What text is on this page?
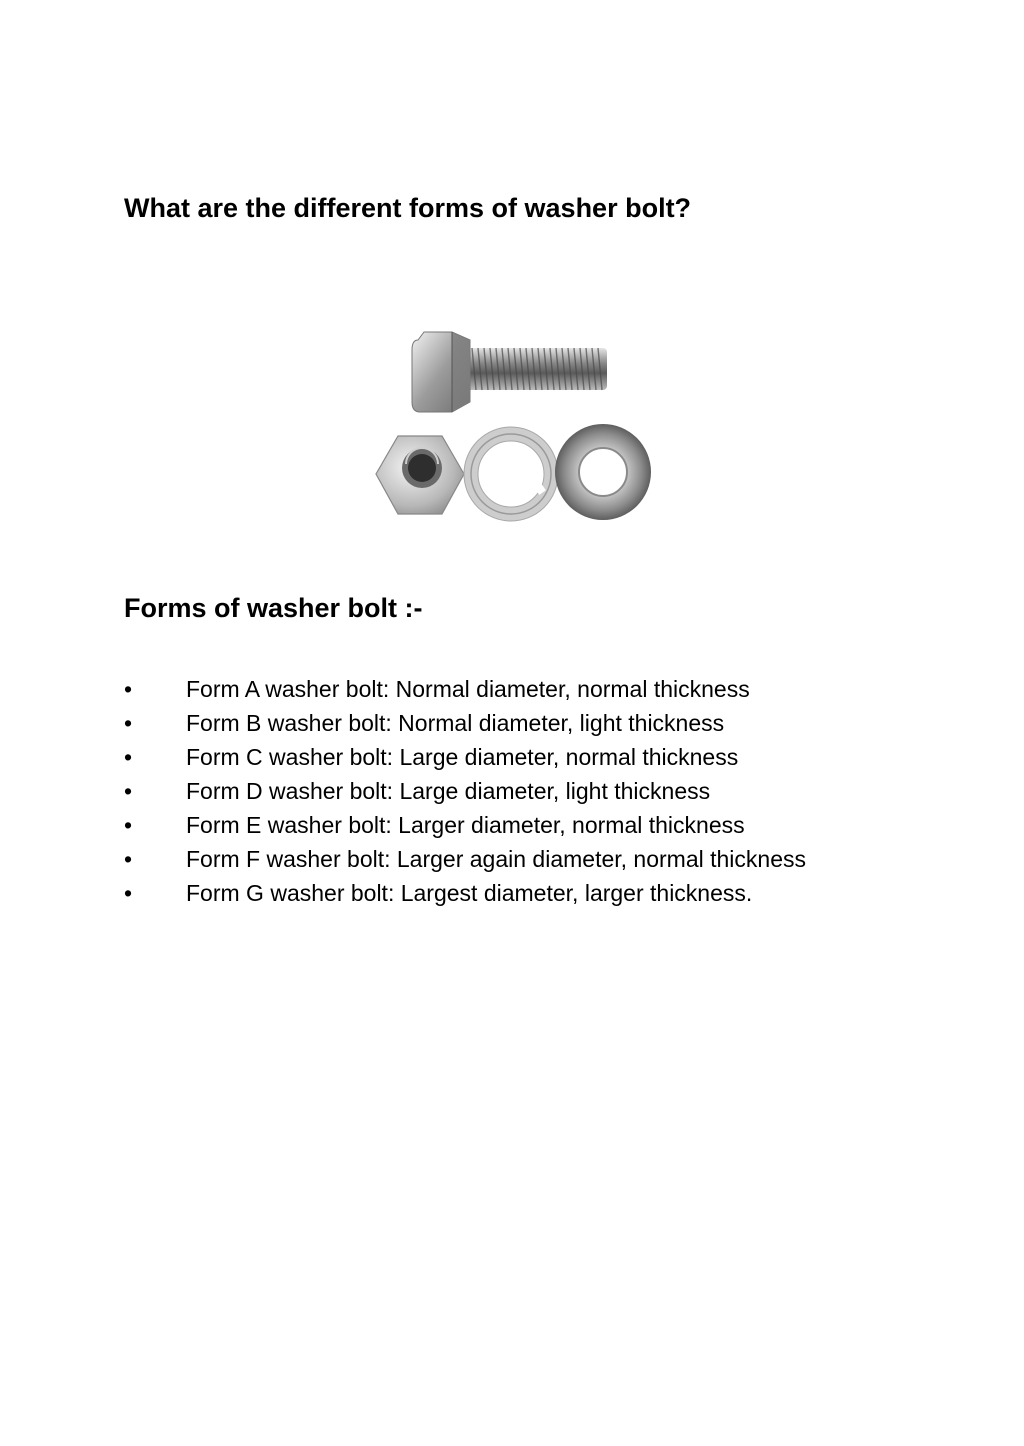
What are the different forms of washer bolt?
Forms of washer bolt :-
•	Form A washer bolt: Normal diameter, normal thickness
•	Form B washer bolt: Normal diameter, light thickness
•	Form C washer bolt: Large diameter, normal thickness
•	Form D washer bolt: Large diameter, light thickness
•	Form E washer bolt: Larger diameter, normal thickness
•	Form F washer bolt: Larger again diameter, normal thickness
•	Form G washer bolt: Largest diameter, larger thickness.
